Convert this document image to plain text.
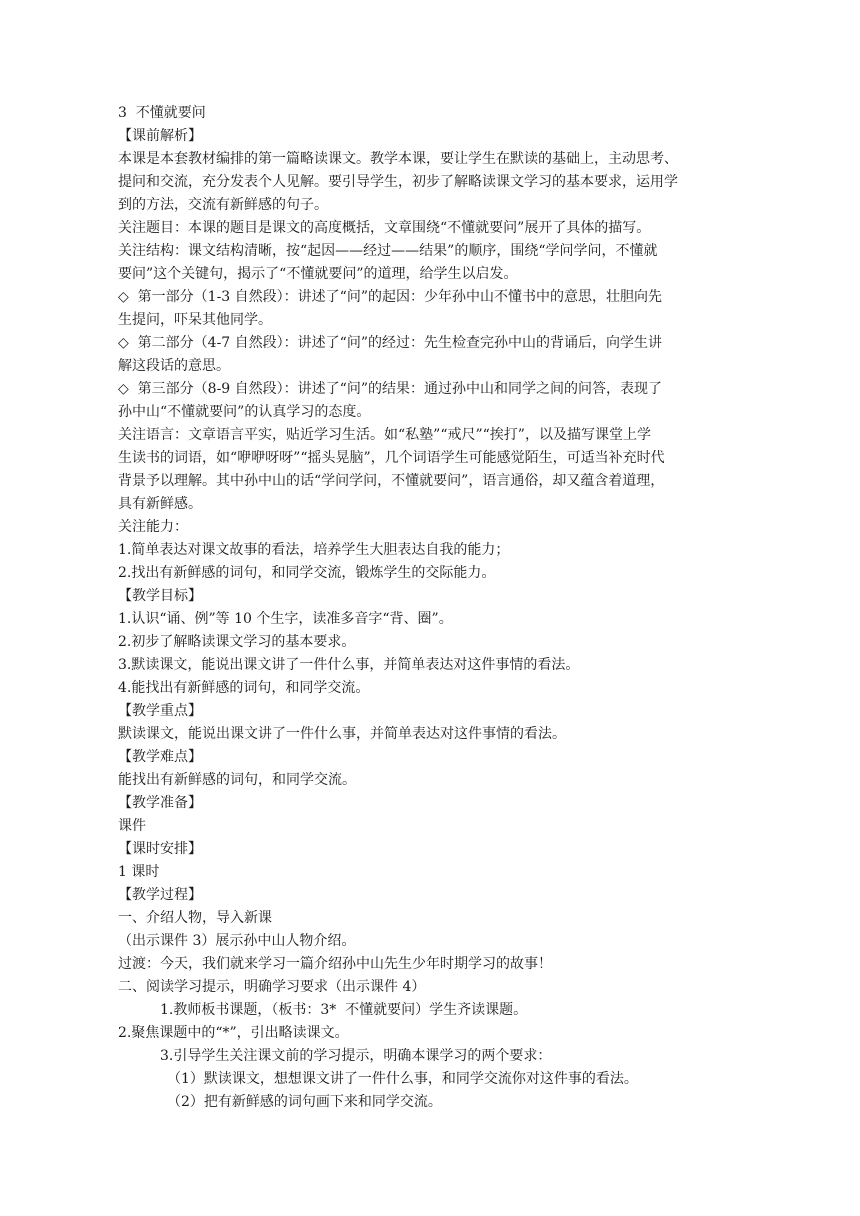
3  不懂就要问
【课前解析】
本课是本套教材编排的第一篇略读课文。教学本课，要让学生在默读的基础上，主动思考、
提问和交流，充分发表个人见解。要引导学生，初步了解略读课文学习的基本要求，运用学
到的方法，交流有新鲜感的句子。
关注题目：本课的题目是课文的高度概括，文章围绕“不懂就要问”展开了具体的描写。
关注结构：课文结构清晰，按“起因——经过——结果”的顺序，围绕“学问学问，不懂就
要问”这个关键句，揭示了“不懂就要问”的道理，给学生以启发。
◇  第一部分（1-3 自然段）：讲述了“问”的起因：少年孙中山不懂书中的意思，壮胆向先
生提问，吓呆其他同学。
◇  第二部分（4-7 自然段）：讲述了“问”的经过：先生检查完孙中山的背诵后，向学生讲
解这段话的意思。
◇  第三部分（8-9 自然段）：讲述了“问”的结果：通过孙中山和同学之间的问答，表现了
孙中山“不懂就要问”的认真学习的态度。
关注语言：文章语言平实，贴近学习生活。如“私塾”“戒尺”“挨打”，以及描写课堂上学
生读书的词语，如“咿咿呀呀”“摇头晃脑”，几个词语学生可能感觉陌生，可适当补充时代
背景予以理解。其中孙中山的话“学问学问，不懂就要问”，语言通俗，却又蕴含着道理，
具有新鲜感。
关注能力：
1.简单表达对课文故事的看法，培养学生大胆表达自我的能力；
2.找出有新鲜感的词句，和同学交流，锻炼学生的交际能力。
【教学目标】
1.认识“诵、例”等 10 个生字，读准多音字“背、圈”。
2.初步了解略读课文学习的基本要求。
3.默读课文，能说出课文讲了一件什么事，并简单表达对这件事情的看法。
4.能找出有新鲜感的词句，和同学交流。
【教学重点】
默读课文，能说出课文讲了一件什么事，并简单表达对这件事情的看法。
【教学难点】
能找出有新鲜感的词句，和同学交流。
【教学准备】
课件
【课时安排】
1 课时
【教学过程】
一、介绍人物，导入新课
（出示课件 3）展示孙中山人物介绍。
过渡：今天，我们就来学习一篇介绍孙中山先生少年时期学习的故事！
二、阅读学习提示，明确学习要求（出示课件 4）
1.教师板书课题，（板书：3*  不懂就要问）学生齐读课题。
2.聚焦课题中的“*”，引出略读课文。
3.引导学生关注课文前的学习提示，明确本课学习的两个要求：
（1）默读课文，想想课文讲了一件什么事，和同学交流你对这件事的看法。
（2）把有新鲜感的词句画下来和同学交流。
